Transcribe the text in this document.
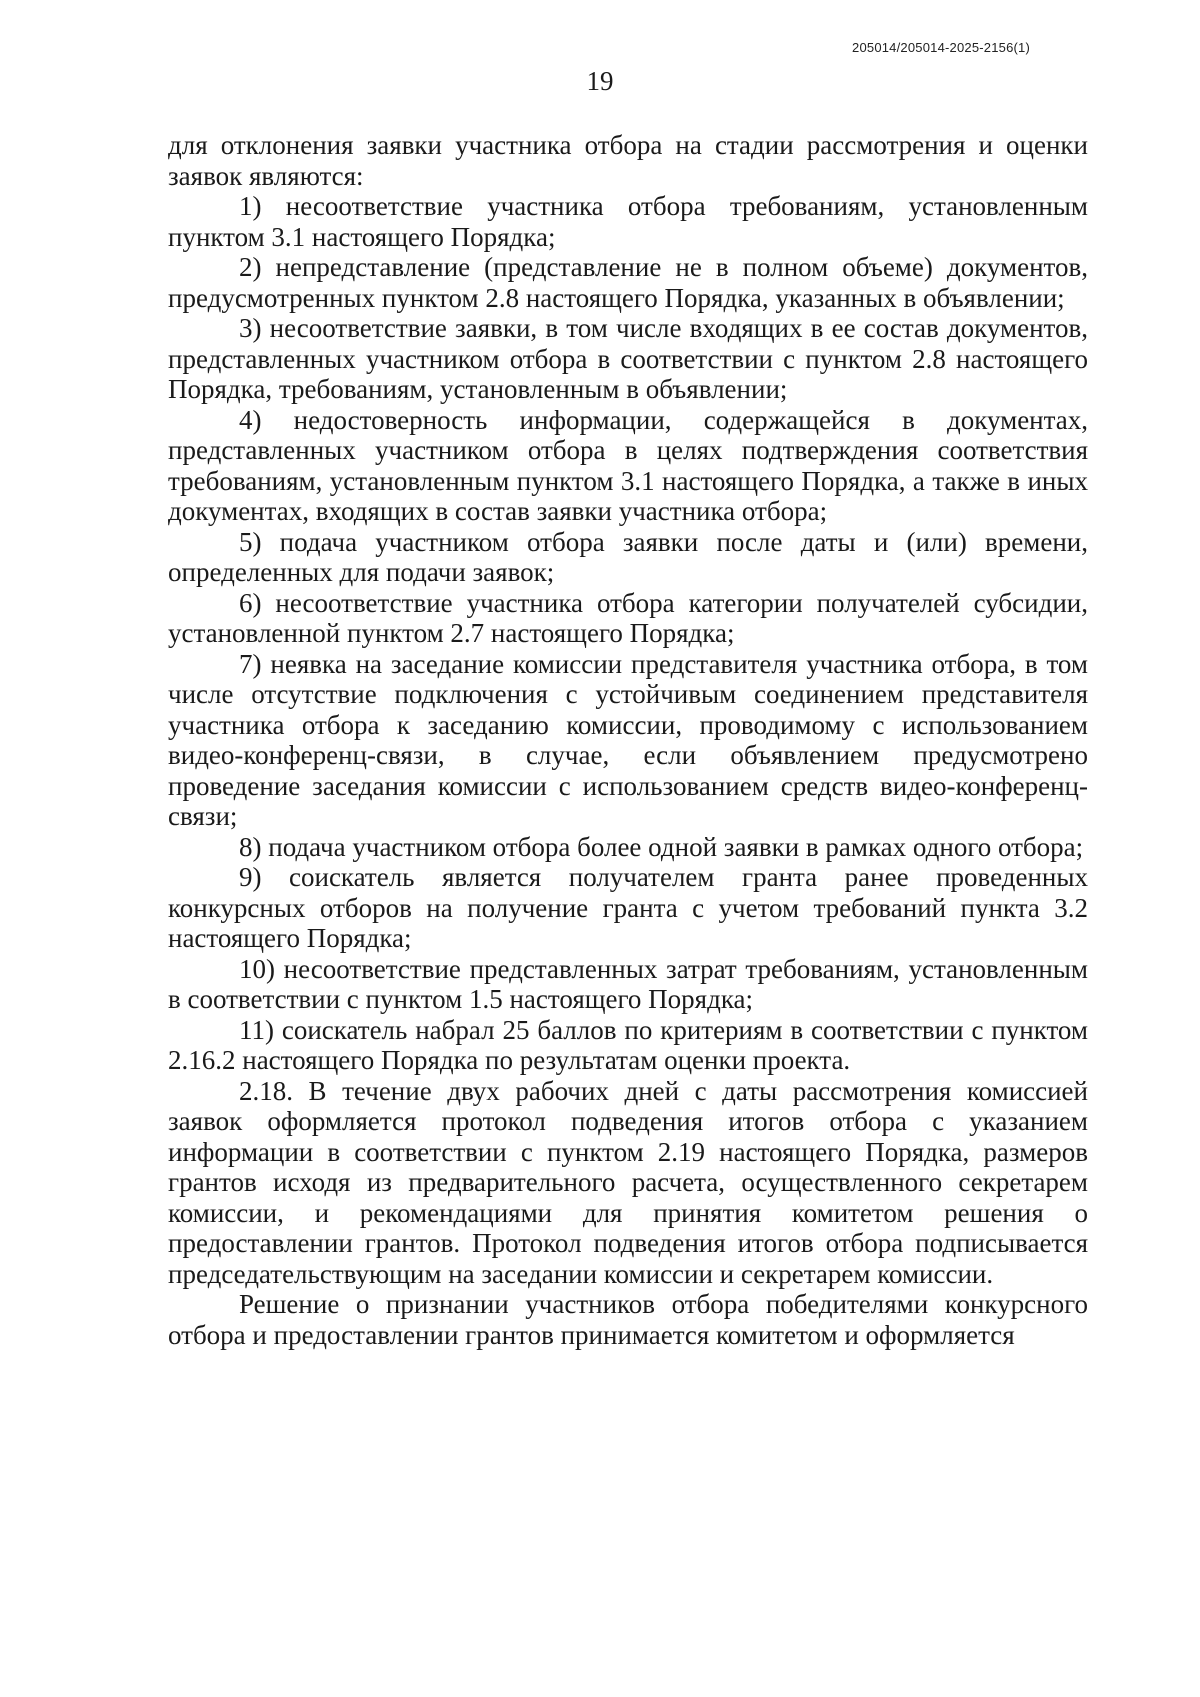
205014/205014-2025-2156(1)
19

для отклонения заявки участника отбора на стадии рассмотрения и оценки заявок являются:

1) несоответствие участника отбора требованиям, установленным пунктом 3.1 настоящего Порядка;

2) непредставление (представление не в полном объеме) документов, предусмотренных пунктом 2.8 настоящего Порядка, указанных в объявлении;

3) несоответствие заявки, в том числе входящих в ее состав документов, представленных участником отбора в соответствии с пунктом 2.8 настоящего Порядка, требованиям, установленным в объявлении;

4) недостоверность информации, содержащейся в документах, представленных участником отбора в целях подтверждения соответствия требованиям, установленным пунктом 3.1 настоящего Порядка, а также в иных документах, входящих в состав заявки участника отбора;

5) подача участником отбора заявки после даты и (или) времени, определенных для подачи заявок;

6) несоответствие участника отбора категории получателей субсидии, установленной пунктом 2.7 настоящего Порядка;

7) неявка на заседание комиссии представителя участника отбора, в том числе отсутствие подключения с устойчивым соединением представителя участника отбора к заседанию комиссии, проводимому с использованием видео-конференц-связи, в случае, если объявлением предусмотрено проведение заседания комиссии с использованием средств видео-конференц-связи;

8) подача участником отбора более одной заявки в рамках одного отбора;

9) соискатель является получателем гранта ранее проведенных конкурсных отборов на получение гранта с учетом требований пункта 3.2 настоящего Порядка;

10) несоответствие представленных затрат требованиям, установленным в соответствии с пунктом 1.5 настоящего Порядка;

11) соискатель набрал 25 баллов по критериям в соответствии с пунктом 2.16.2 настоящего Порядка по результатам оценки проекта.

2.18. В течение двух рабочих дней с даты рассмотрения комиссией заявок оформляется протокол подведения итогов отбора с указанием информации в соответствии с пунктом 2.19 настоящего Порядка, размеров грантов исходя из предварительного расчета, осуществленного секретарем комиссии, и рекомендациями для принятия комитетом решения о предоставлении грантов. Протокол подведения итогов отбора подписывается председательствующим на заседании комиссии и секретарем комиссии.

Решение о признании участников отбора победителями конкурсного отбора и предоставлении грантов принимается комитетом и оформляется
